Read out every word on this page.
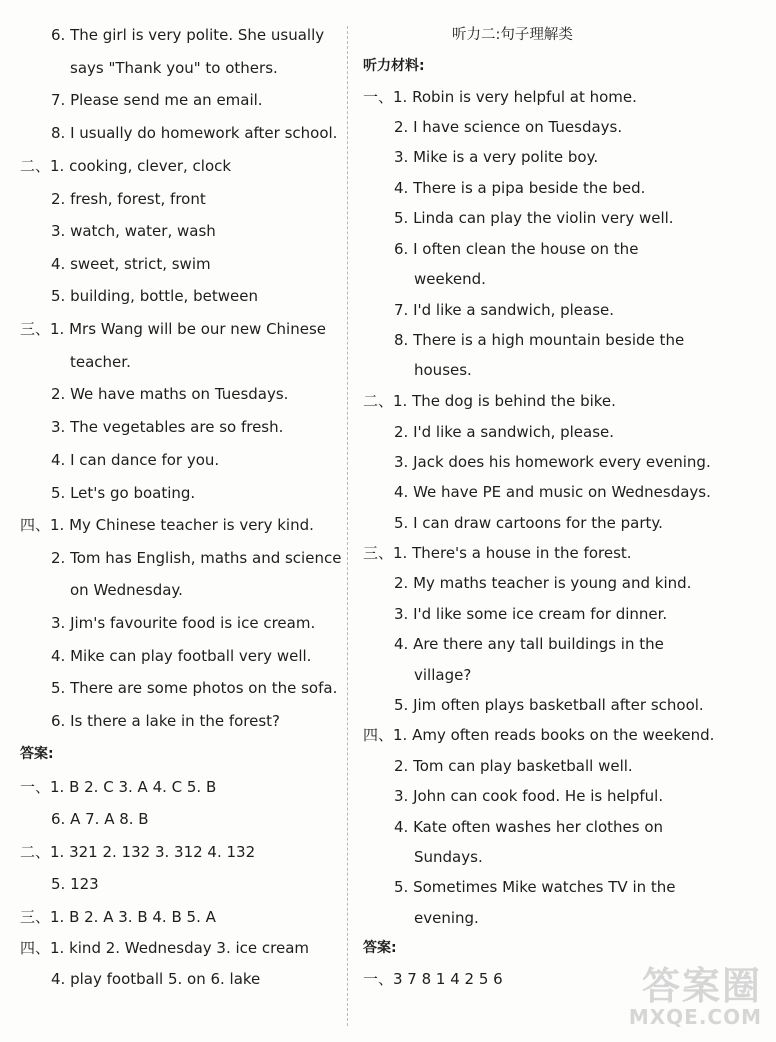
6. The girl is very polite. She usually
says "Thank you" to others.
7. Please send me an email.
8. I usually do homework after school.
二、1. cooking, clever, clock
2. fresh, forest, front
3. watch, water, wash
4. sweet, strict, swim
5. building, bottle, between
三、1. Mrs Wang will be our new Chinese
teacher.
2. We have maths on Tuesdays.
3. The vegetables are so fresh.
4. I can dance for you.
5. Let's go boating.
四、1. My Chinese teacher is very kind.
2. Tom has English, maths and science
on Wednesday.
3. Jim's favourite food is ice cream.
4. Mike can play football very well.
5. There are some photos on the sofa.
6. Is there a lake in the forest?
答案:
一、1. B 2. C 3. A 4. C 5. B
6. A 7. A 8. B
二、1. 321 2. 132 3. 312 4. 132
5. 123
三、1. B 2. A 3. B 4. B 5. A
四、1. kind 2. Wednesday 3. ice cream
4. play football 5. on 6. lake
听力二:句子理解类
听力材料:
一、1. Robin is very helpful at home.
2. I have science on Tuesdays.
3. Mike is a very polite boy.
4. There is a pipa beside the bed.
5. Linda can play the violin very well.
6. I often clean the house on the
weekend.
7. I'd like a sandwich, please.
8. There is a high mountain beside the
houses.
二、1. The dog is behind the bike.
2. I'd like a sandwich, please.
3. Jack does his homework every evening.
4. We have PE and music on Wednesdays.
5. I can draw cartoons for the party.
三、1. There's a house in the forest.
2. My maths teacher is young and kind.
3. I'd like some ice cream for dinner.
4. Are there any tall buildings in the
village?
5. Jim often plays basketball after school.
四、1. Amy often reads books on the weekend.
2. Tom can play basketball well.
3. John can cook food. He is helpful.
4. Kate often washes her clothes on
Sundays.
5. Sometimes Mike watches TV in the
evening.
答案:
一、3 7 8 1 4 2 5 6	答案圈
MXQE.COM
